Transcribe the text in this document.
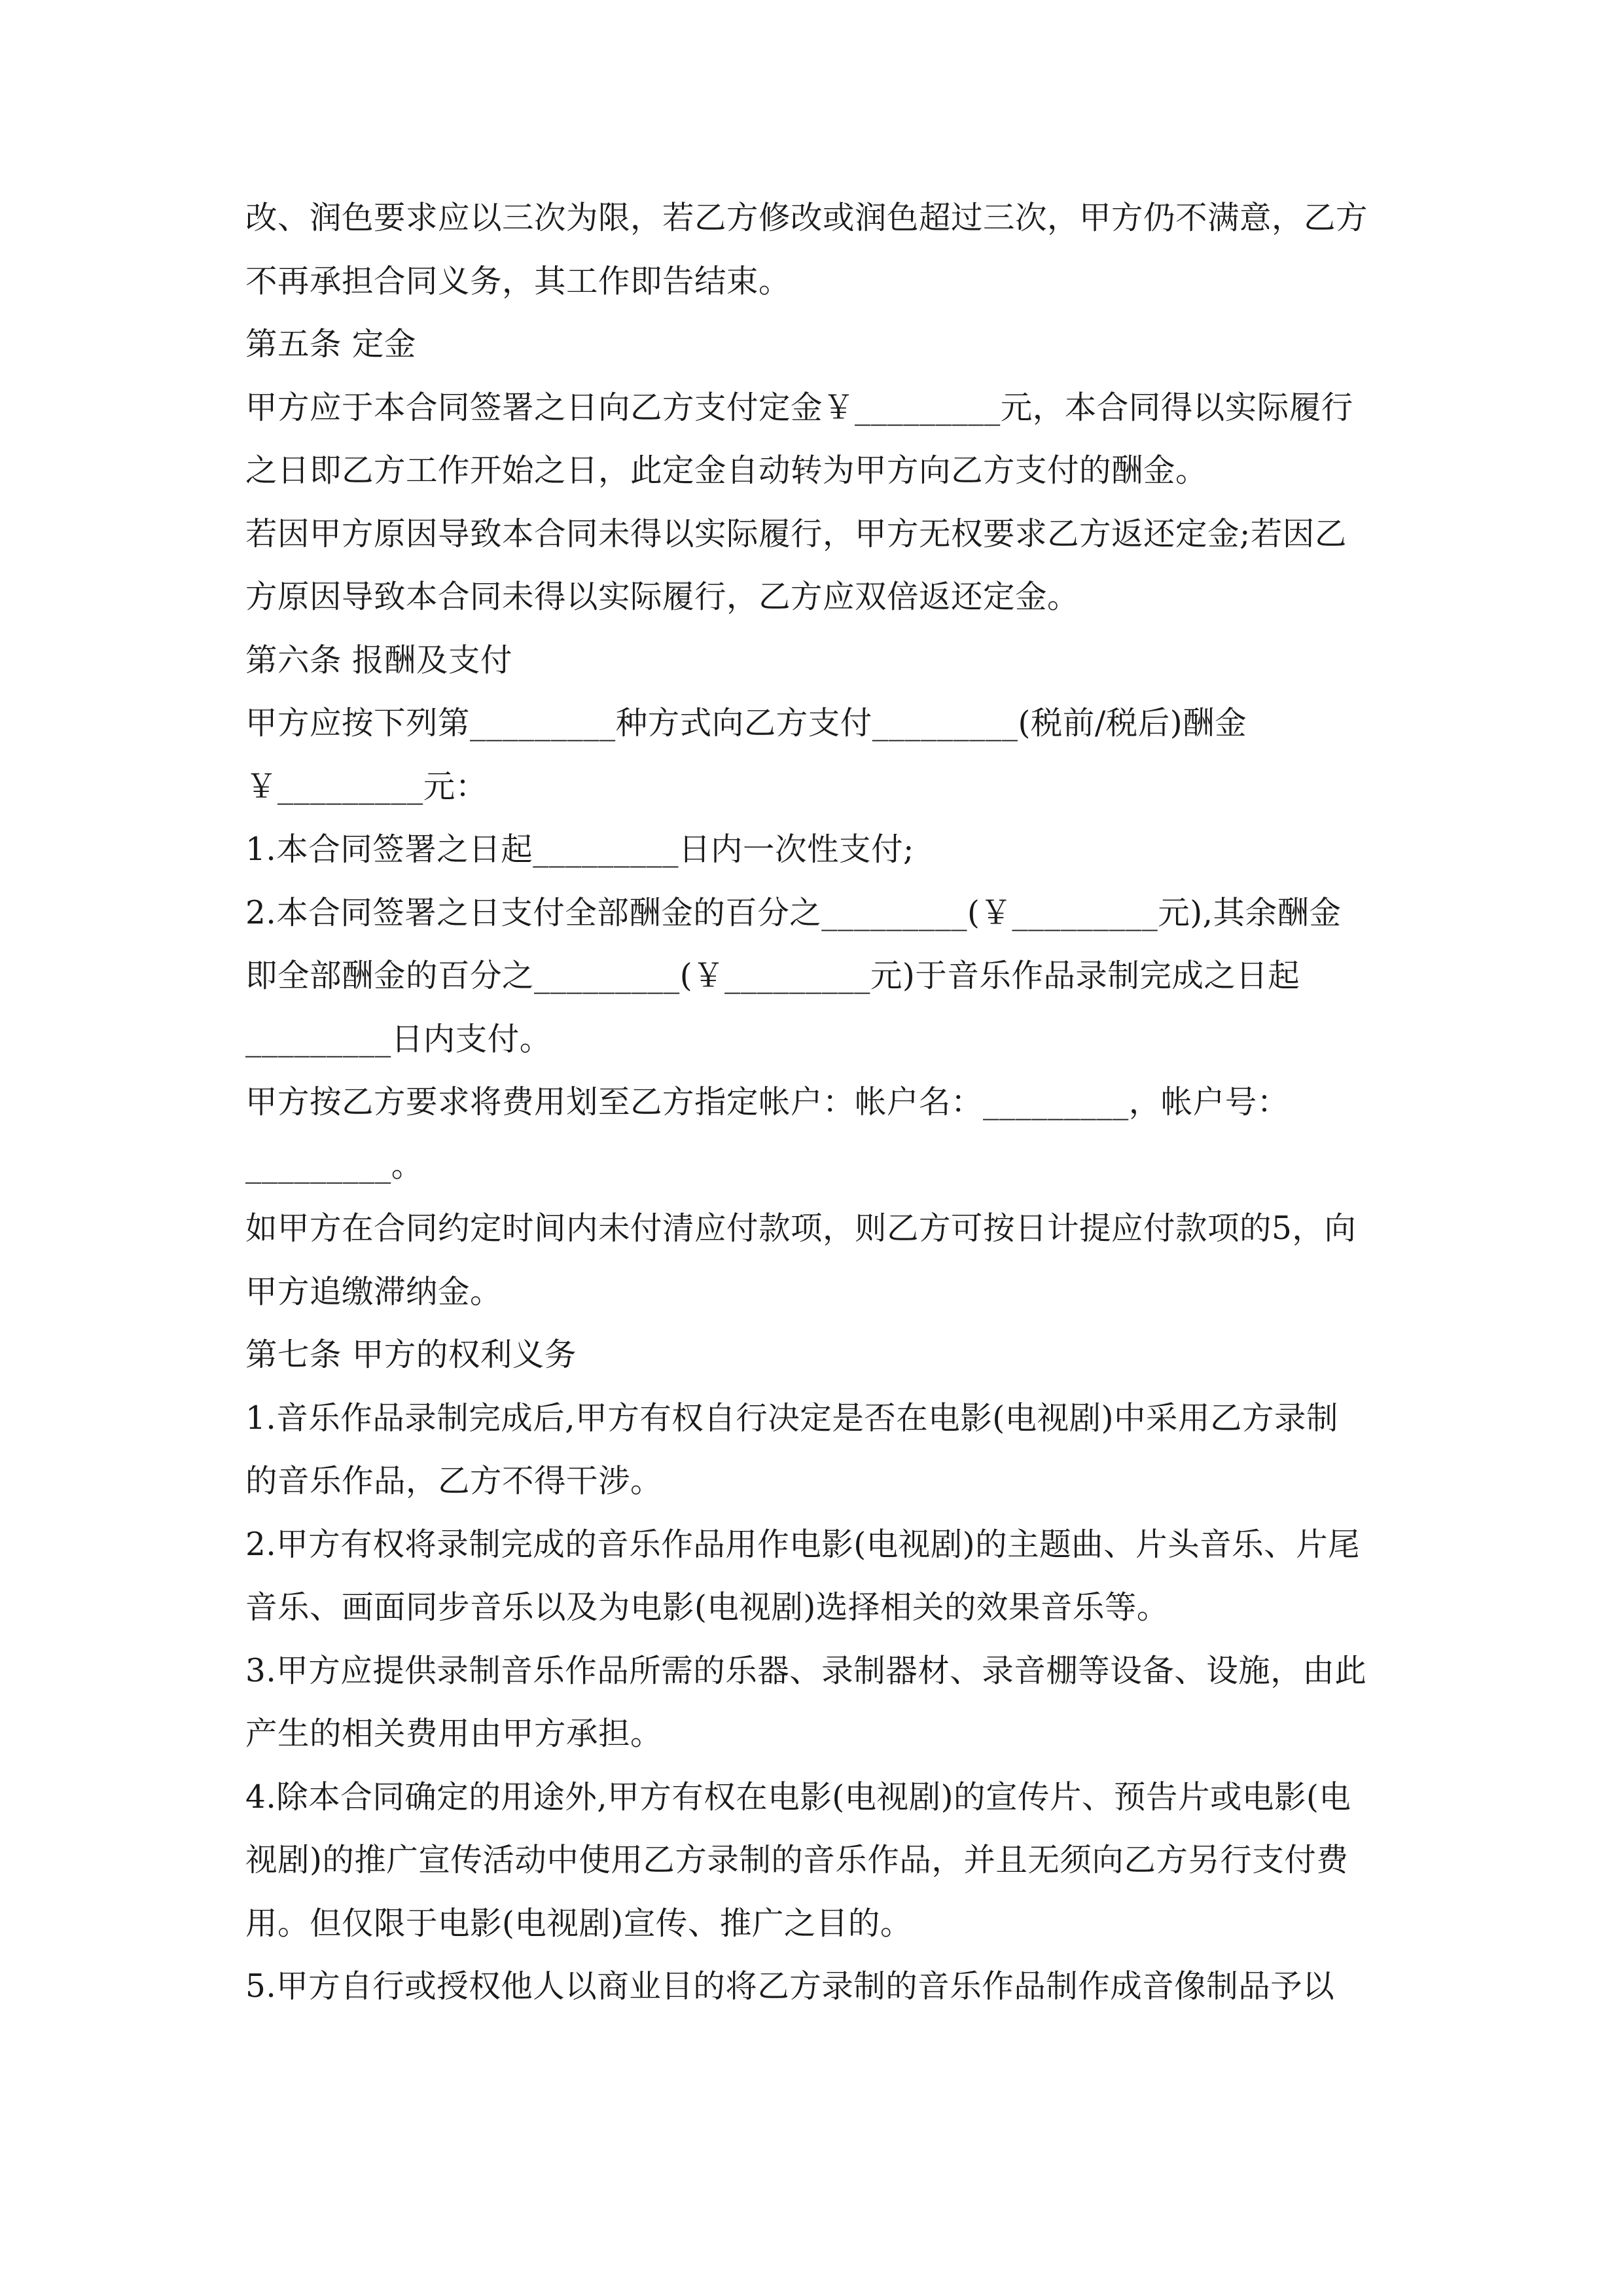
改、润色要求应以三次为限，若乙方修改或润色超过三次，甲方仍不满意，乙方
不再承担合同义务，其工作即告结束。
第五条 定金
甲方应于本合同签署之日向乙方支付定金￥_________元，本合同得以实际履行
之日即乙方工作开始之日，此定金自动转为甲方向乙方支付的酬金。
若因甲方原因导致本合同未得以实际履行，甲方无权要求乙方返还定金;若因乙
方原因导致本合同未得以实际履行，乙方应双倍返还定金。
第六条 报酬及支付
甲方应按下列第_________种方式向乙方支付_________(税前/税后)酬金
￥_________元：
1.本合同签署之日起_________日内一次性支付;
2.本合同签署之日支付全部酬金的百分之_________(￥_________元),其余酬金
即全部酬金的百分之_________(￥_________元)于音乐作品录制完成之日起
_________日内支付。
甲方按乙方要求将费用划至乙方指定帐户：帐户名：_________，帐户号：
_________。
如甲方在合同约定时间内未付清应付款项，则乙方可按日计提应付款项的5，向
甲方追缴滞纳金。
第七条 甲方的权利义务
1.音乐作品录制完成后,甲方有权自行决定是否在电影(电视剧)中采用乙方录制
的音乐作品，乙方不得干涉。
2.甲方有权将录制完成的音乐作品用作电影(电视剧)的主题曲、片头音乐、片尾
音乐、画面同步音乐以及为电影(电视剧)选择相关的效果音乐等。
3.甲方应提供录制音乐作品所需的乐器、录制器材、录音棚等设备、设施，由此
产生的相关费用由甲方承担。
4.除本合同确定的用途外,甲方有权在电影(电视剧)的宣传片、预告片或电影(电
视剧)的推广宣传活动中使用乙方录制的音乐作品，并且无须向乙方另行支付费
用。但仅限于电影(电视剧)宣传、推广之目的。
5.甲方自行或授权他人以商业目的将乙方录制的音乐作品制作成音像制品予以
